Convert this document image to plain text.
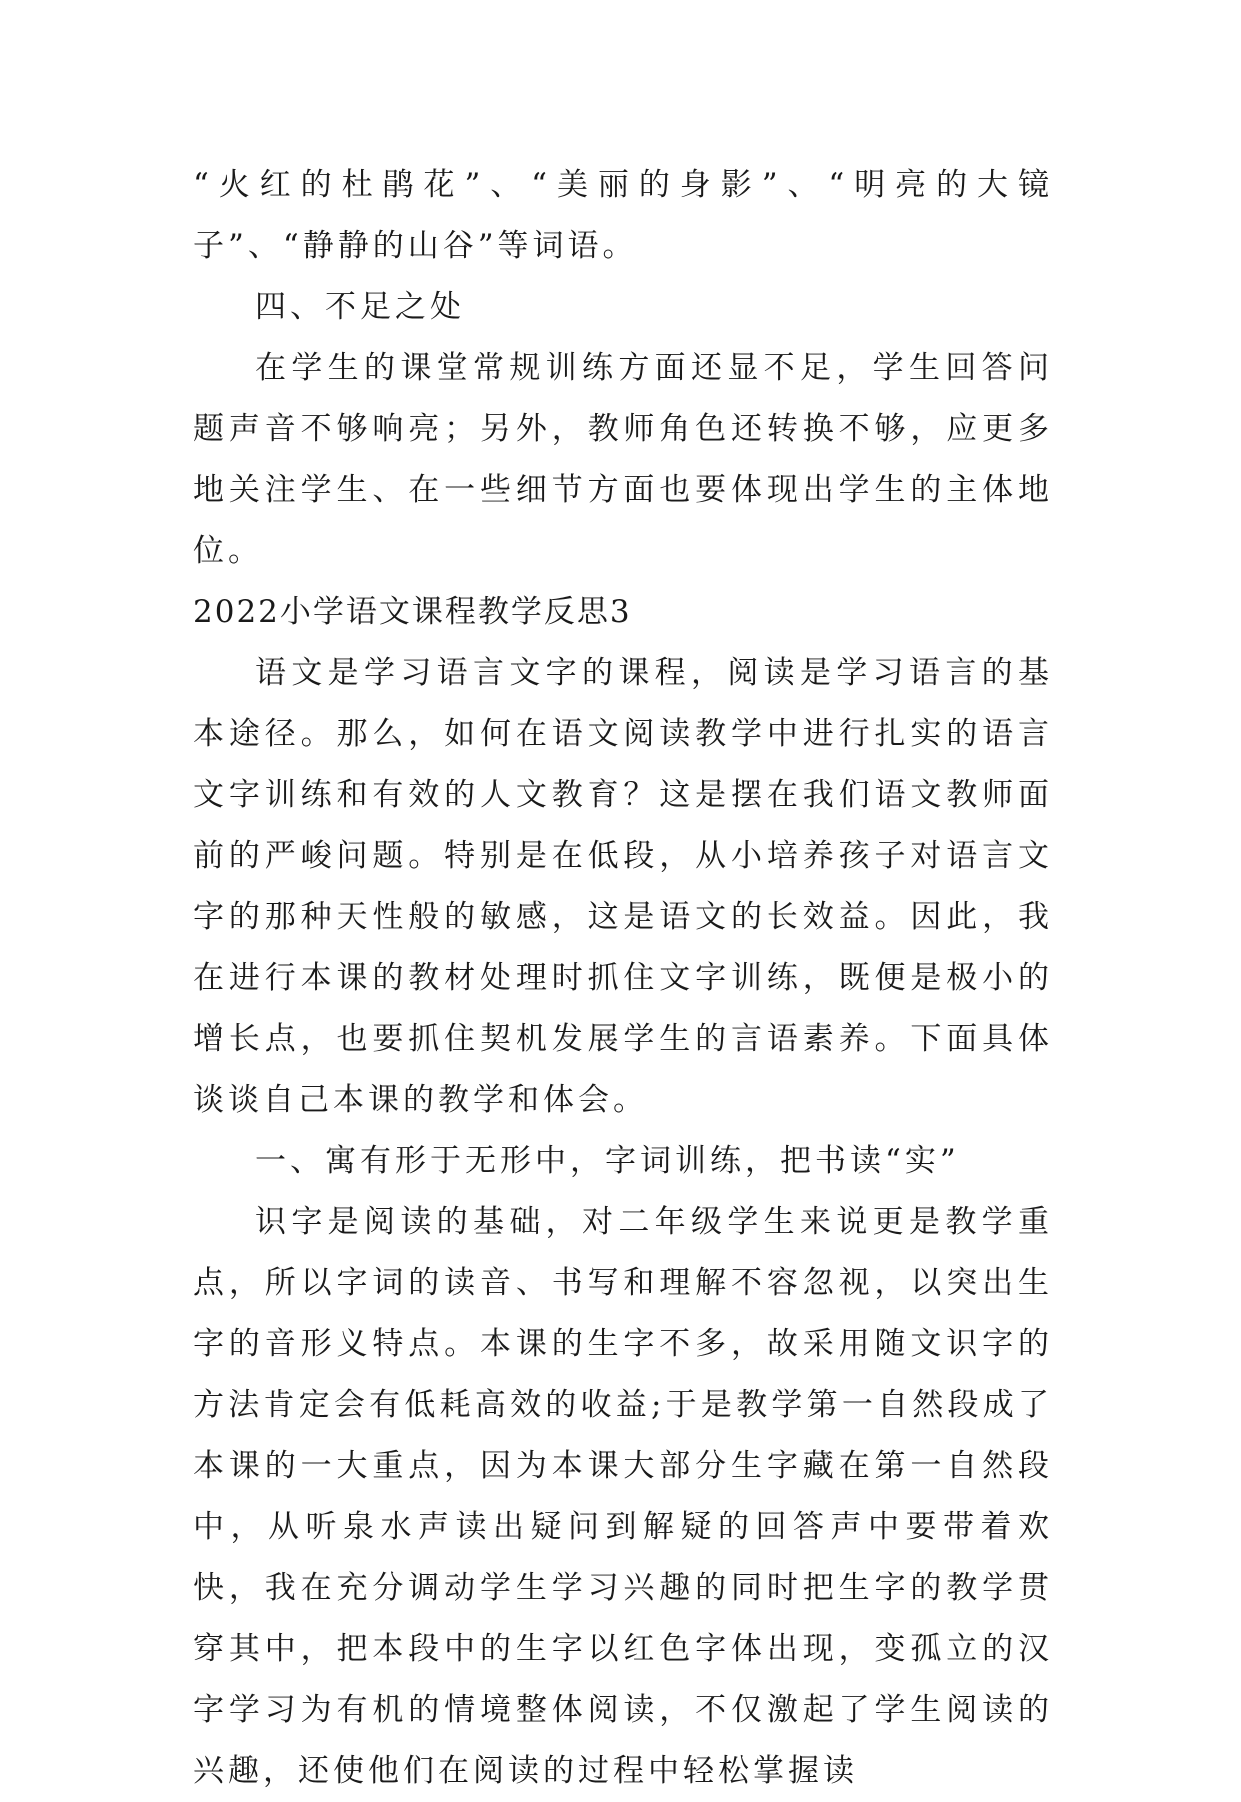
“火红的杜鹃花”、“美丽的身影”、“明亮的大镜子”、“静静的山谷”等词语。

四、不足之处

在学生的课堂常规训练方面还显不足，学生回答问题声音不够响亮；另外，教师角色还转换不够，应更多地关注学生、在一些细节方面也要体现出学生的主体地位。

2022小学语文课程教学反思3

语文是学习语言文字的课程，阅读是学习语言的基本途径。那么，如何在语文阅读教学中进行扎实的语言文字训练和有效的人文教育？这是摆在我们语文教师面前的严峻问题。特别是在低段，从小培养孩子对语言文字的那种天性般的敏感，这是语文的长效益。因此，我在进行本课的教材处理时抓住文字训练，既便是极小的增长点，也要抓住契机发展学生的言语素养。下面具体谈谈自己本课的教学和体会。

一、寓有形于无形中，字词训练，把书读“实”

识字是阅读的基础，对二年级学生来说更是教学重点，所以字词的读音、书写和理解不容忽视，以突出生字的音形义特点。本课的生字不多，故采用随文识字的方法肯定会有低耗高效的收益;于是教学第一自然段成了本课的一大重点，因为本课大部分生字藏在第一自然段中，从听泉水声读出疑问到解疑的回答声中要带着欢快，我在充分调动学生学习兴趣的同时把生字的教学贯穿其中，把本段中的生字以红色字体出现，变孤立的汉字学习为有机的情境整体阅读，不仅激起了学生阅读的兴趣，还使他们在阅读的过程中轻松掌握读
